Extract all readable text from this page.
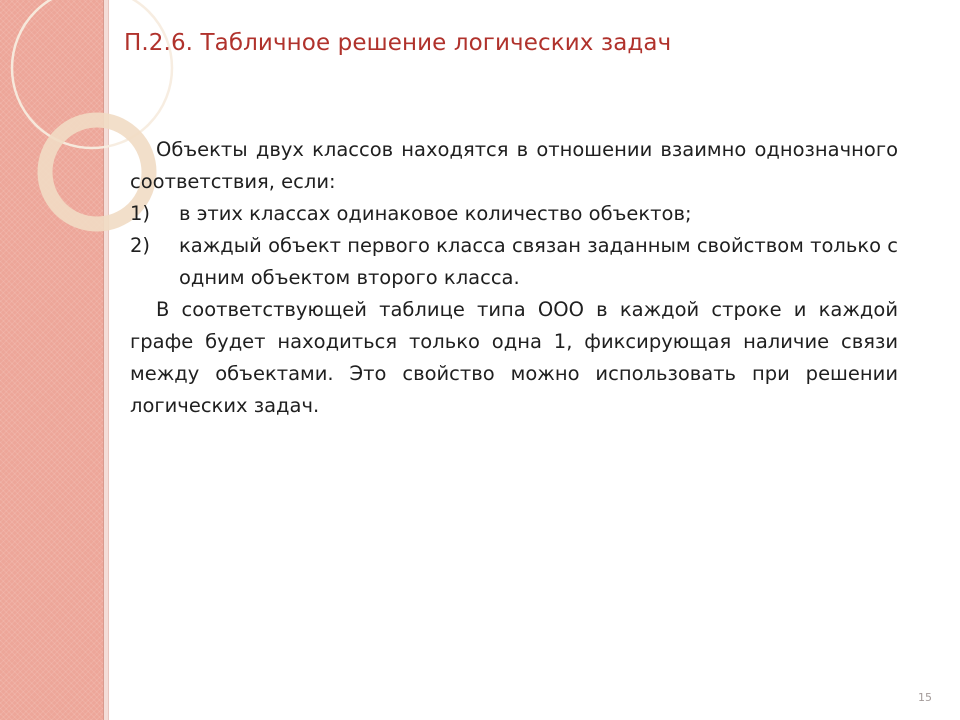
П.2.6. Табличное решение логических задач

Объекты двух классов находятся в отношении взаимно однозначного соответствия, если:

1) в этих классах одинаковое количество объектов;
2) каждый объект первого класса связан заданным свойством только с одним объектом второго класса.

В соответствующей таблице типа ООО в каждой строке и каждой графе будет находиться только одна 1, фиксирующая наличие связи между объектами. Это свойство можно использовать при решении логических задач.

15
